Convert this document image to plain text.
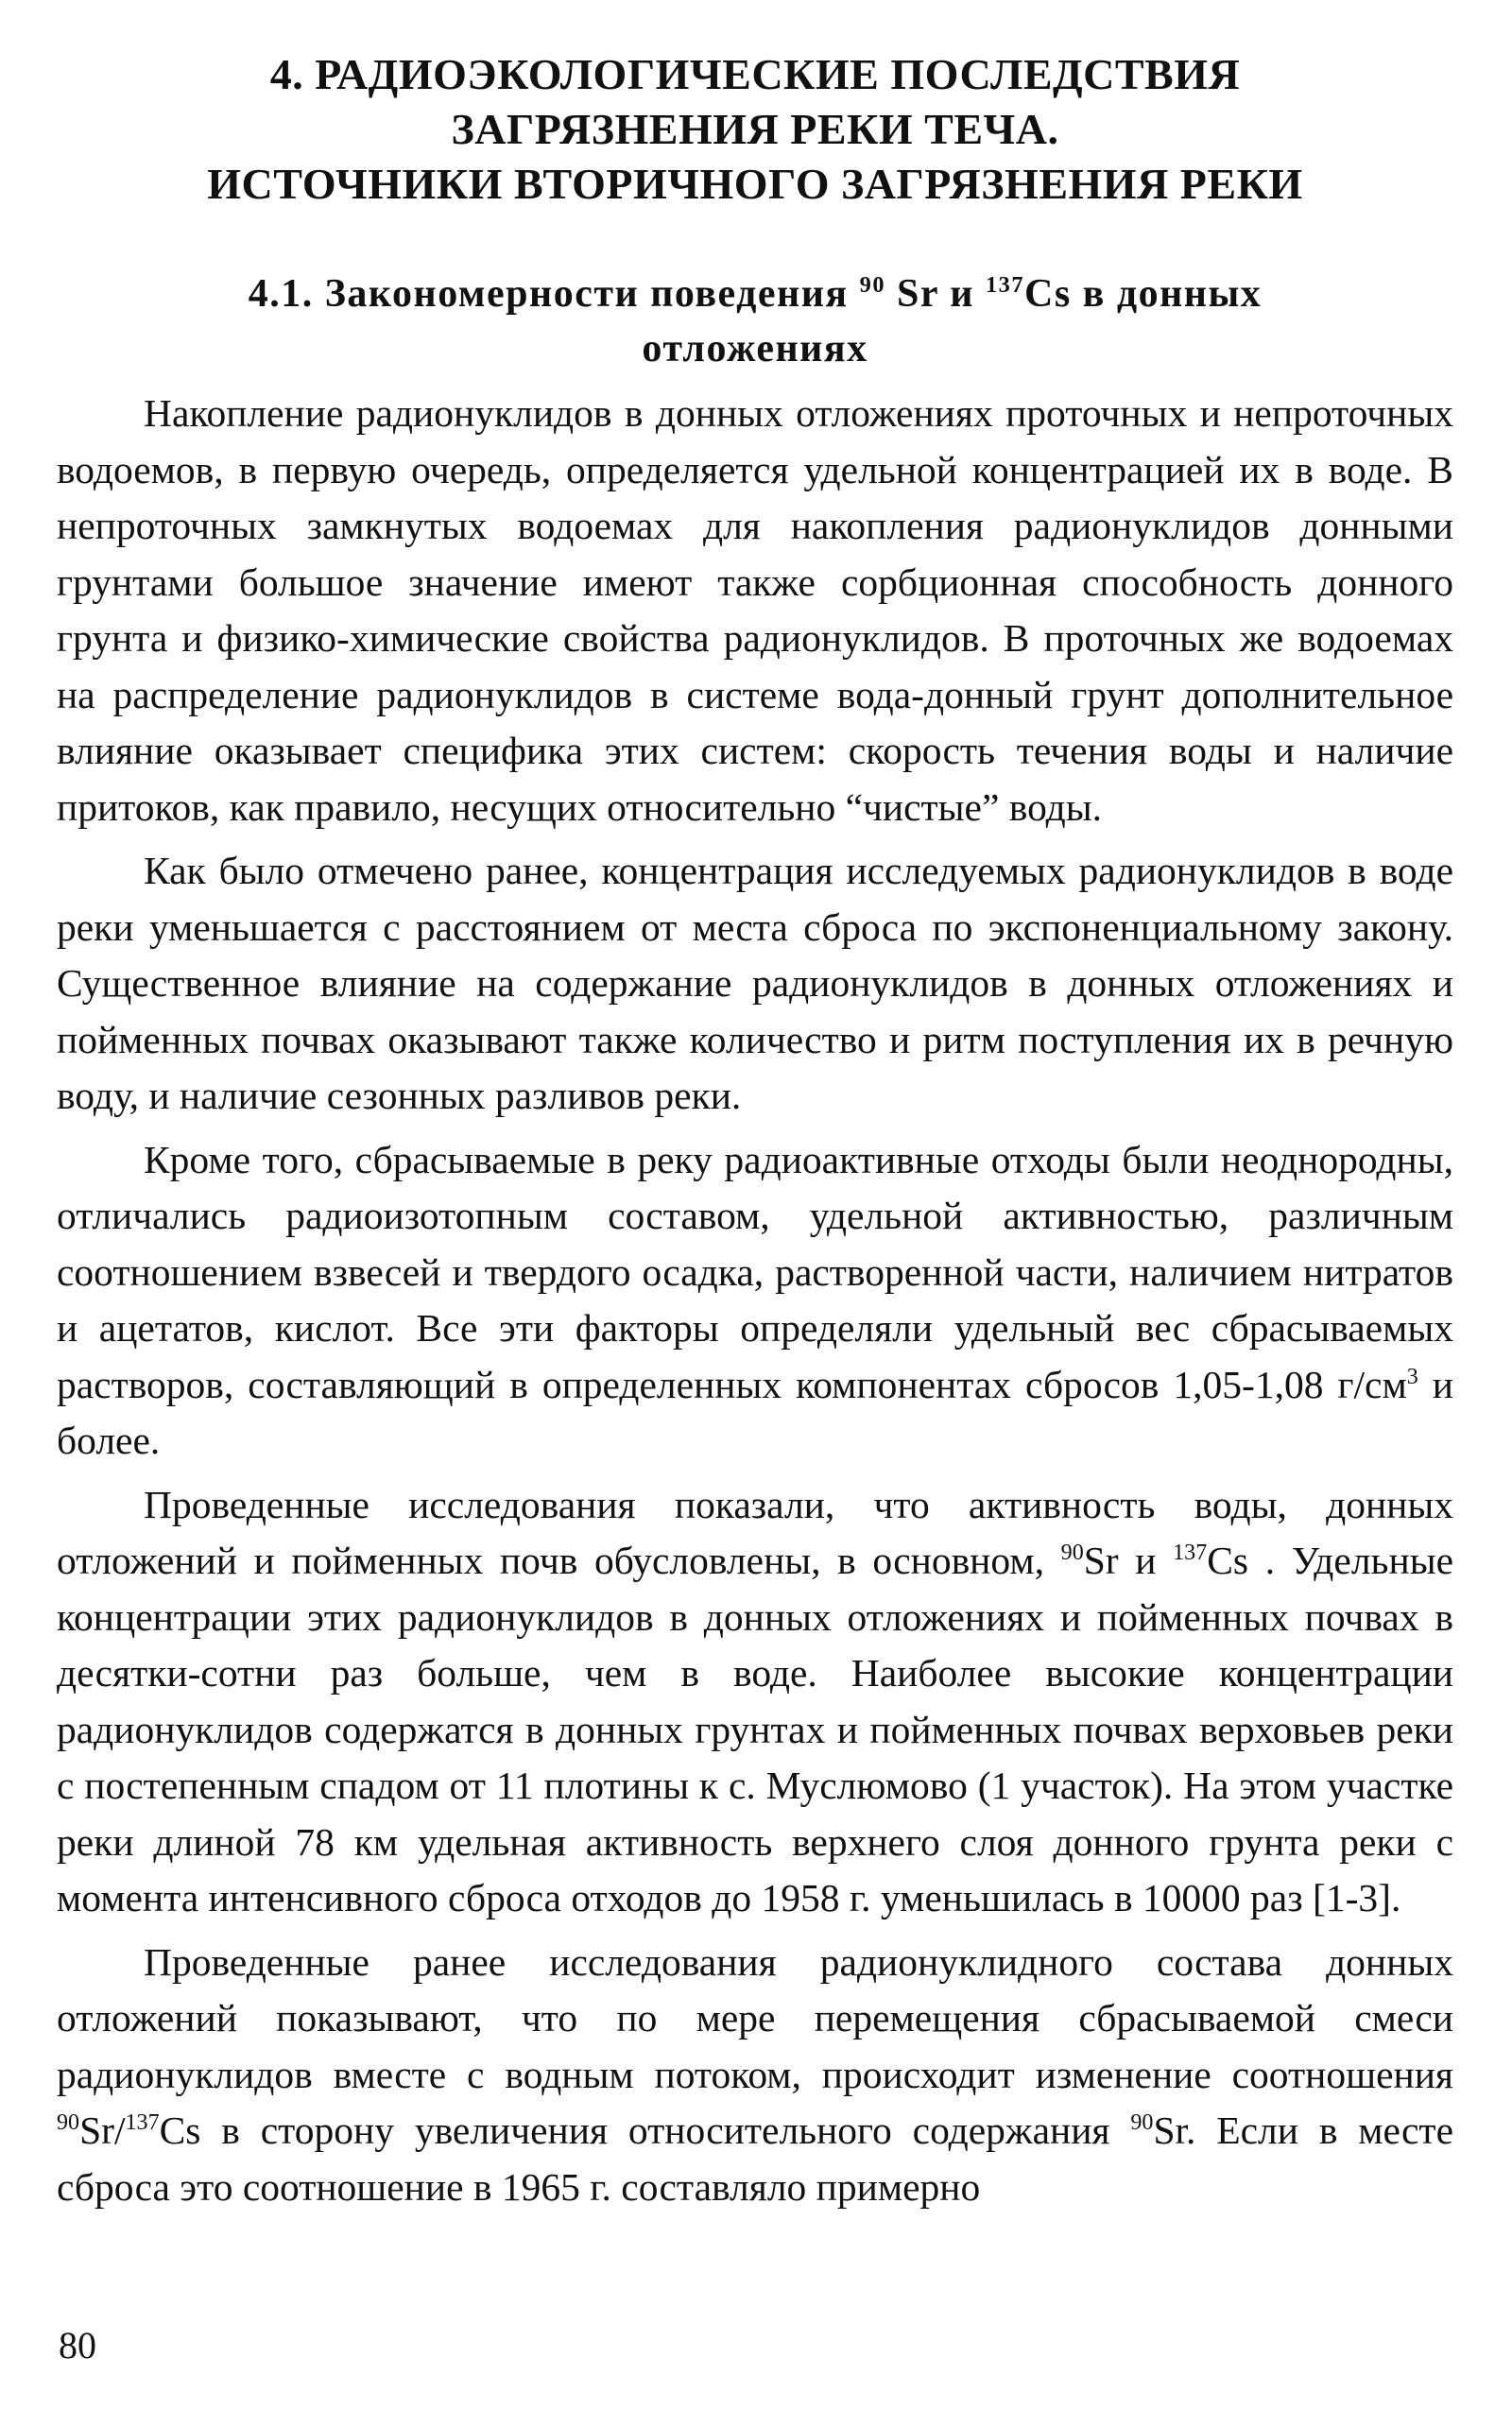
4. РАДИОЭКОЛОГИЧЕСКИЕ ПОСЛЕДСТВИЯ
ЗАГРЯЗНЕНИЯ РЕКИ ТЕЧА.
ИСТОЧНИКИ ВТОРИЧНОГО ЗАГРЯЗНЕНИЯ РЕКИ
4.1. Закономерности поведения $^{90}$ Sr и $^{137}$Cs в донных
отложениях

Накопление радионуклидов в донных отложениях проточных и непроточных водоемов, в первую очередь, определяется удельной концентрацией их в воде. В непроточных замкнутых водоемах для накопления радионуклидов донными грунтами большое значение имеют также сорбционная способность донного грунта и физико-химические свойства радионуклидов. В проточных же водоемах на распределение радионуклидов в системе вода-донный грунт дополнительное влияние оказывает специфика этих систем: скорость течения воды и наличие притоков, как правило, несущих относительно “чистые” воды.

Как было отмечено ранее, концентрация исследуемых радионуклидов в воде реки уменьшается с расстоянием от места сброса по экспоненциальному закону. Существенное влияние на содержание радионуклидов в донных отложениях и пойменных почвах оказывают также количество и ритм поступления их в речную воду, и наличие сезонных разливов реки.

Кроме того, сбрасываемые в реку радиоактивные отходы были неоднородны, отличались радиоизотопным составом, удельной активностью, различным соотношением взвесей и твердого осадка, растворенной части, наличием нитратов и ацетатов, кислот. Все эти факторы определяли удельный вес сбрасываемых растворов, составляющий в определенных компонентах сбросов 1,05-1,08 $г/см^3$ и более.

Проведенные исследования показали, что активность воды, донных отложений и пойменных почв обусловлены, в основном, $^{90}$Sr и $^{137}$Cs . Удельные концентрации этих радионуклидов в донных отложениях и пойменных почвах в десятки-сотни раз больше, чем в воде. Наиболее высокие концентрации радионуклидов содержатся в донных грунтах и пойменных почвах верховьев реки с постепенным спадом от 11 плотины к с. Муслюмово (1 участок). На этом участке реки длиной 78 км удельная активность верхнего слоя донного грунта реки с момента интенсивного сброса отходов до 1958 г. уменьшилась в 10000 раз [1-3].

Проведенные ранее исследования радионуклидного состава донных отложений показывают, что по мере перемещения сбрасываемой смеси радионуклидов вместе с водным потоком, происходит изменение соотношения $^{90}$Sr/$^{137}$Cs в сторону увеличения относительного содержания $^{90}$Sr. Если в месте сброса это соотношение в 1965 г. составляло примерно

80
